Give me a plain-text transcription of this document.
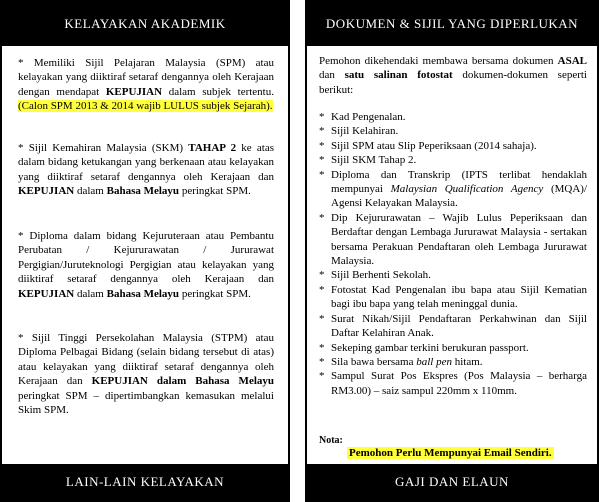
KELAYAKAN AKADEMIK
* Memiliki Sijil Pelajaran Malaysia (SPM) atau kelayakan yang diiktiraf setaraf dengannya oleh Kerajaan dengan mendapat KEPUJIAN dalam subjek tertentu. (Calon SPM 2013 & 2014 wajib LULUS subjek Sejarah).
* Sijil Kemahiran Malaysia (SKM) TAHAP 2 ke atas dalam bidang ketukangan yang berkenaan atau kelayakan yang diiktiraf setaraf dengannya oleh Kerajaan dan KEPUJIAN dalam Bahasa Melayu peringkat SPM.
* Diploma dalam bidang Kejuruteraan atau Pembantu Perubatan / Kejururawatan / Jururawat Pergigian/Juruteknologi Pergigian atau kelayakan yang diiktiraf setaraf dengannya oleh Kerajaan dan KEPUJIAN dalam Bahasa Melayu peringkat SPM.
* Sijil Tinggi Persekolahan Malaysia (STPM) atau Diploma Pelbagai Bidang (selain bidang tersebut di atas) atau kelayakan yang diiktiraf setaraf dengannya oleh Kerajaan dan KEPUJIAN dalam Bahasa Melayu peringkat SPM – dipertimbangkan kemasukan melalui Skim SPM.
LAIN-LAIN KELAYAKAN
DOKUMEN & SIJIL YANG DIPERLUKAN
Pemohon dikehendaki membawa bersama dokumen ASAL dan satu salinan fotostat dokumen-dokumen seperti berikut:
* Kad Pengenalan.
* Sijil Kelahiran.
* Sijil SPM atau Slip Peperiksaan (2014 sahaja).
* Sijil SKM Tahap 2.
* Diploma dan Transkrip (IPTS terlibat hendaklah mempunyai Malaysian Qualification Agency (MQA)/ Agensi Kelayakan Malaysia.
* Dip Kejururawatan – Wajib Lulus Peperiksaan dan Berdaftar dengan Lembaga Jururawat Malaysia - sertakan bersama Perakuan Pendaftaran oleh Lembaga Jururawat Malaysia.
* Sijil Berhenti Sekolah.
* Fotostat Kad Pengenalan ibu bapa atau Sijil Kematian bagi ibu bapa yang telah meninggal dunia.
* Surat Nikah/Sijil Pendaftaran Perkahwinan dan Sijil Daftar Kelahiran Anak.
* Sekeping gambar terkini berukuran passport.
* Sila bawa bersama ball pen hitam.
* Sampul Surat Pos Ekspres (Pos Malaysia – berharga RM3.00) – saiz sampul 220mm x 110mm.
Nota:
Pemohon Perlu Mempunyai Email Sendiri.
GAJI DAN ELAUN
